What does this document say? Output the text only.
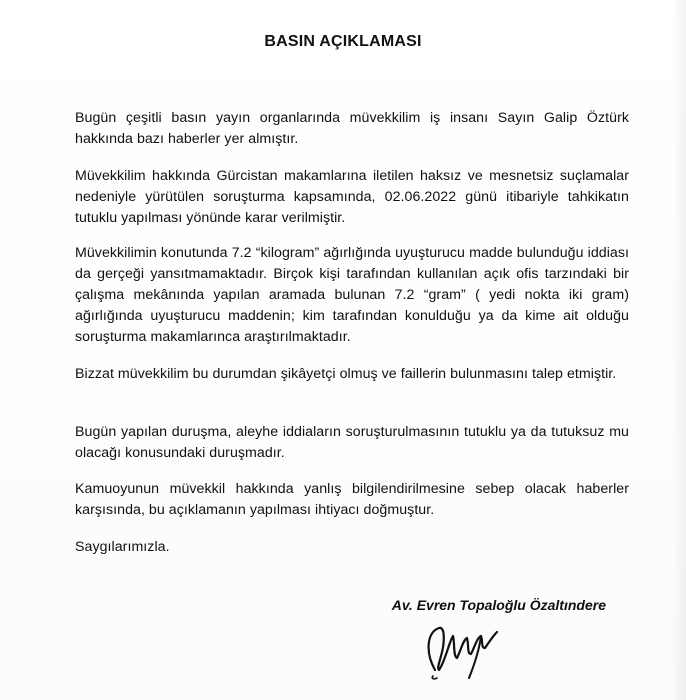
BASIN AÇIKLAMASI

Bugün çeşitli basın yayın organlarında müvekkilim iş insanı Sayın Galip Öztürk hakkında bazı haberler yer almıştır.

Müvekkilim hakkında Gürcistan makamlarına iletilen haksız ve mesnetsiz suçlamalar nedeniyle yürütülen soruşturma kapsamında, 02.06.2022 günü itibariyle tahkikatın tutuklu yapılması yönünde karar verilmiştir.

Müvekkilimin konutunda 7.2 “kilogram” ağırlığında uyuşturucu madde bulunduğu iddiası da gerçeği yansıtmamaktadır. Birçok kişi tarafından kullanılan açık ofis tarzındaki bir çalışma mekânında yapılan aramada bulunan 7.2 “gram” ( yedi nokta iki gram) ağırlığında uyuşturucu maddenin; kim tarafından konulduğu ya da kime ait olduğu soruşturma makamlarınca araştırılmaktadır.

Bizzat müvekkilim bu durumdan şikâyetçi olmuş ve faillerin bulunmasını talep etmiştir.

Bugün yapılan duruşma, aleyhe iddiaların soruşturulmasının tutuklu ya da tutuksuz mu olacağı konusundaki duruşmadır.

Kamuoyunun müvekkil hakkında yanlış bilgilendirilmesine sebep olacak haberler karşısında, bu açıklamanın yapılması ihtiyacı doğmuştur.

Saygılarımızla.

Av. Evren Topaloğlu Özaltındere
